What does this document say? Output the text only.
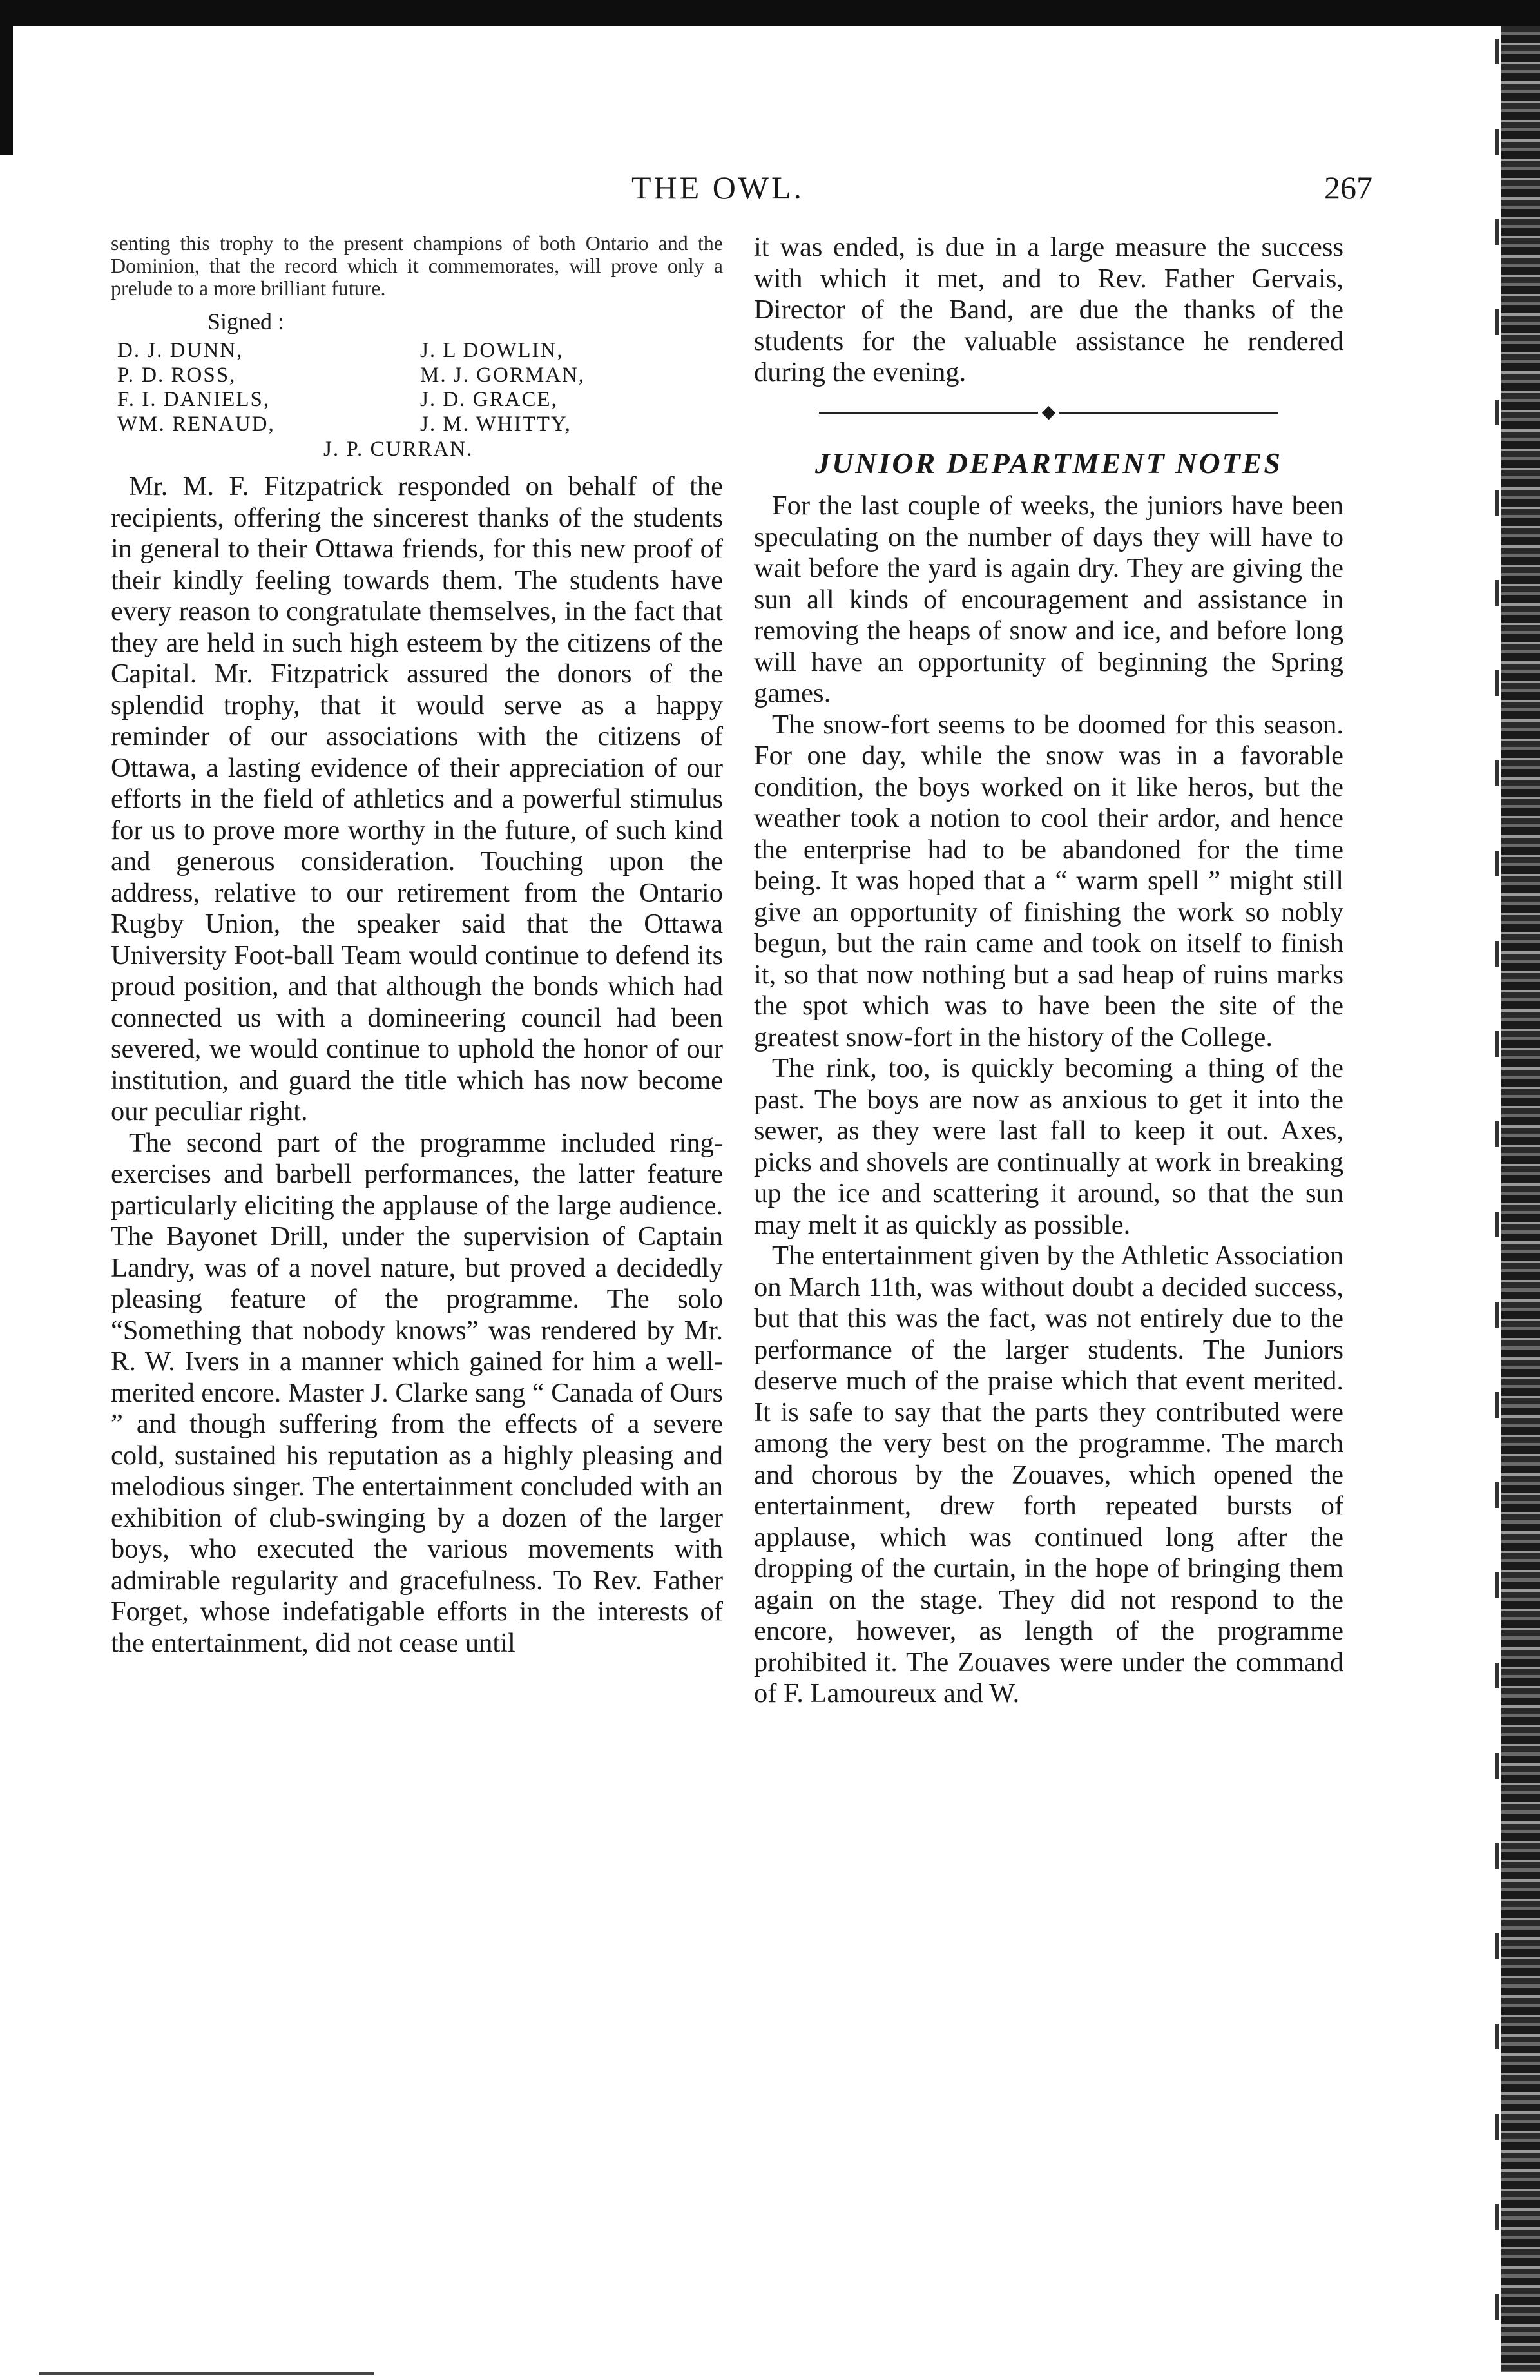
THE OWL.	267

senting this trophy to the present champions of both Ontario and the Dominion, that the record which it commemorates, will prove only a prelude to a more brilliant future.

Signed :
D. J. DUNN,	J. L DOWLIN,
P. D. ROSS,	M. J. GORMAN,
F. I. DANIELS,	J. D. GRACE,
WM. RENAUD,	J. M. WHITTY,
J. P. CURRAN.

Mr. M. F. Fitzpatrick responded on behalf of the recipients, offering the sincerest thanks of the students in general to their Ottawa friends, for this new proof of their kindly feeling towards them. The students have every reason to congratulate themselves, in the fact that they are held in such high esteem by the citizens of the Capital. Mr. Fitzpatrick assured the donors of the splendid trophy, that it would serve as a happy reminder of our associations with the citizens of Ottawa, a lasting evidence of their appreciation of our efforts in the field of athletics and a powerful stimulus for us to prove more worthy in the future, of such kind and generous consideration. Touching upon the address, relative to our retirement from the Ontario Rugby Union, the speaker said that the Ottawa University Foot-ball Team would continue to defend its proud position, and that although the bonds which had connected us with a domineering council had been severed, we would continue to uphold the honor of our institution, and guard the title which has now become our peculiar right.

The second part of the programme included ring-exercises and barbell performances, the latter feature particularly eliciting the applause of the large audience. The Bayonet Drill, under the supervision of Captain Landry, was of a novel nature, but proved a decidedly pleasing feature of the programme. The solo “Something that nobody knows” was rendered by Mr. R. W. Ivers in a manner which gained for him a well-merited encore. Master J. Clarke sang “ Canada of Ours ” and though suffering from the effects of a severe cold, sustained his reputation as a highly pleasing and melodious singer. The entertainment concluded with an exhibition of club-swinging by a dozen of the larger boys, who executed the various movements with admirable regularity and gracefulness. To Rev. Father Forget, whose indefatigable efforts in the interests of the entertainment, did not cease until

it was ended, is due in a large measure the success with which it met, and to Rev. Father Gervais, Director of the Band, are due the thanks of the students for the valuable assistance he rendered during the evening.

◆
JUNIOR DEPARTMENT NOTES

For the last couple of weeks, the juniors have been speculating on the number of days they will have to wait before the yard is again dry. They are giving the sun all kinds of encouragement and assistance in removing the heaps of snow and ice, and before long will have an opportunity of beginning the Spring games.

The snow-fort seems to be doomed for this season. For one day, while the snow was in a favorable condition, the boys worked on it like heros, but the weather took a notion to cool their ardor, and hence the enterprise had to be abandoned for the time being. It was hoped that a “ warm spell ” might still give an opportunity of finishing the work so nobly begun, but the rain came and took on itself to finish it, so that now nothing but a sad heap of ruins marks the spot which was to have been the site of the greatest snow-fort in the history of the College.

The rink, too, is quickly becoming a thing of the past. The boys are now as anxious to get it into the sewer, as they were last fall to keep it out. Axes, picks and shovels are continually at work in breaking up the ice and scattering it around, so that the sun may melt it as quickly as possible.

The entertainment given by the Athletic Association on March 11th, was without doubt a decided success, but that this was the fact, was not entirely due to the performance of the larger students. The Juniors deserve much of the praise which that event merited. It is safe to say that the parts they contributed were among the very best on the programme. The march and chorous by the Zouaves, which opened the entertainment, drew forth repeated bursts of applause, which was continued long after the dropping of the curtain, in the hope of bringing them again on the stage. They did not respond to the encore, however, as length of the programme prohibited it. The Zouaves were under the command of F. Lamoureux and W.
